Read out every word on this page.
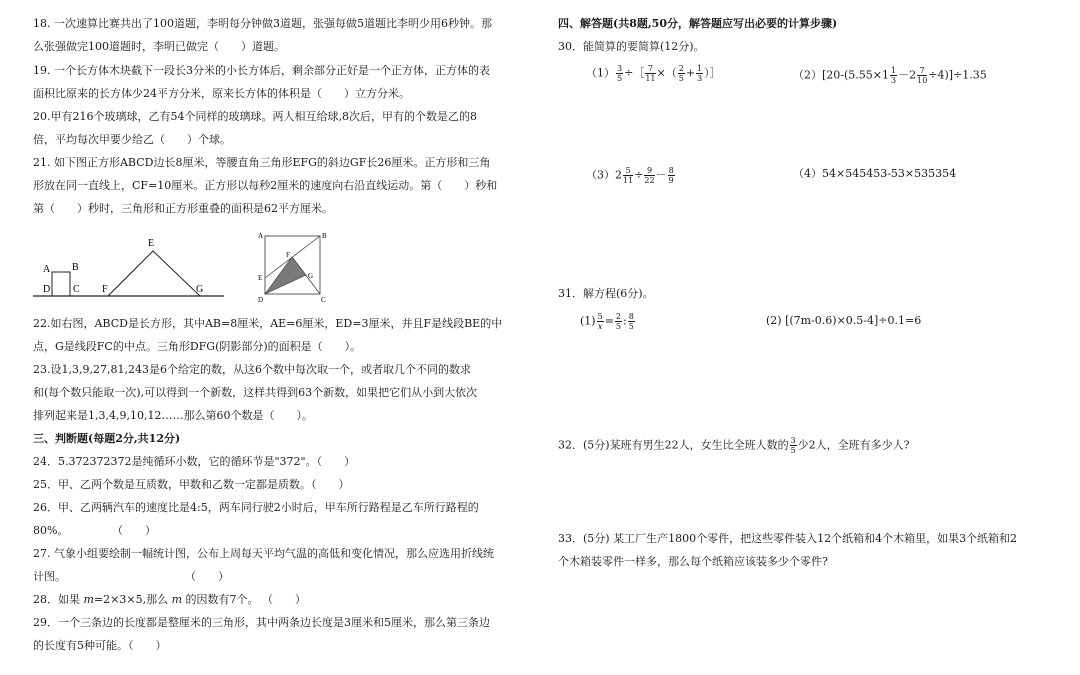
18. 一次速算比赛共出了100道题，李明每分钟做3道题，张强每做5道题比李明少用6秒钟。那
么张强做完100道题时，李明已做完（　　）道题。
19. 一个长方体木块截下一段长3分米的小长方体后，剩余部分正好是一个正方体，正方体的表
面积比原来的长方体少24平方分米，原来长方体的体积是（　　）立方分米。
20.甲有216个玻璃球，乙有54个同样的玻璃球。两人相互给球,8次后，甲有的个数是乙的8
倍，平均每次甲要少给乙（　　）个球。
21. 如下图正方形ABCD边长8厘米，等腰直角三角形EFG的斜边GF长26厘米。正方形和三角
形放在同一直线上，CF=10厘米。正方形以每秒2厘米的速度向右沿直线运动。第（　　）秒和
第（　　）秒时，三角形和正方形重叠的面积是62平方厘米。
A B
D C F
E
G
A	B
E
F
G
D	C
22.如右图，ABCD是长方形，其中AB=8厘米，AE=6厘米，ED=3厘米，并且F是线段BE的中
点，G是线段FC的中点。三角形DFG(阴影部分)的面积是（　　）。
23.设1,3,9,27,81,243是6个给定的数，从这6个数中每次取一个，或者取几个不同的数求
和(每个数只能取一次),可以得到一个新数，这样共得到63个新数，如果把它们从小到大依次
排列起来是1,3,4,9,10,12……那么第60个数是（　　）。
三、判断题(每题2分,共12分)
24．5.372372372是纯循环小数，它的循环节是"372"。（　　）
25．甲、乙两个数是互质数，甲数和乙数一定都是质数。（　　）
26．甲、乙两辆汽车的速度比是4:5，两车同行驶2小时后，甲车所行路程是乙车所行路程的
80%。	（　　）
27. 气象小组要绘制一幅统计图，公布上周每天平均气温的高低和变化情况，那么应选用折线统
计图。	（　　）
28．如果 m=2×3×5,那么 m 的因数有7个。 （　　）
29．一个三条边的长度都是整厘米的三角形，其中两条边长度是3厘米和5厘米，那么第三条边
的长度有5种可能。（　　）
四、解答题(共8题,50分，解答题应写出必要的计算步骤)
30．能简算的要简算(12分)。
$(1) \frac{3}{5}$ ÷［ $\frac{7}{11}$ ×（ $\frac{2}{5} + \frac{1}{3}$ ）］	$(2)[20-(5.55\times 1 \frac{1}{3} -2 \frac{7}{10} \div 4)]\div 1.35$
$(3)2 \frac{5}{11} \div \frac{9}{22} - \frac{8}{9}$	（4）54×545453-53×535354
31．解方程(6分)。
$(1) \frac{5}{x} = \frac{2}{5}$ : $\frac{8}{5}$	(2) [(7m-0.6)×0.5-4]÷0.1=6
32．(5分)某班有男生22人，女生比全班人数的 $\frac{3}{5}$ 少2人，全班有多少人?
33．(5分) 某工厂生产1800个零件，把这些零件装入12个纸箱和4个木箱里，如果3个纸箱和2
个木箱装零件一样多，那么每个纸箱应该装多少个零件?
